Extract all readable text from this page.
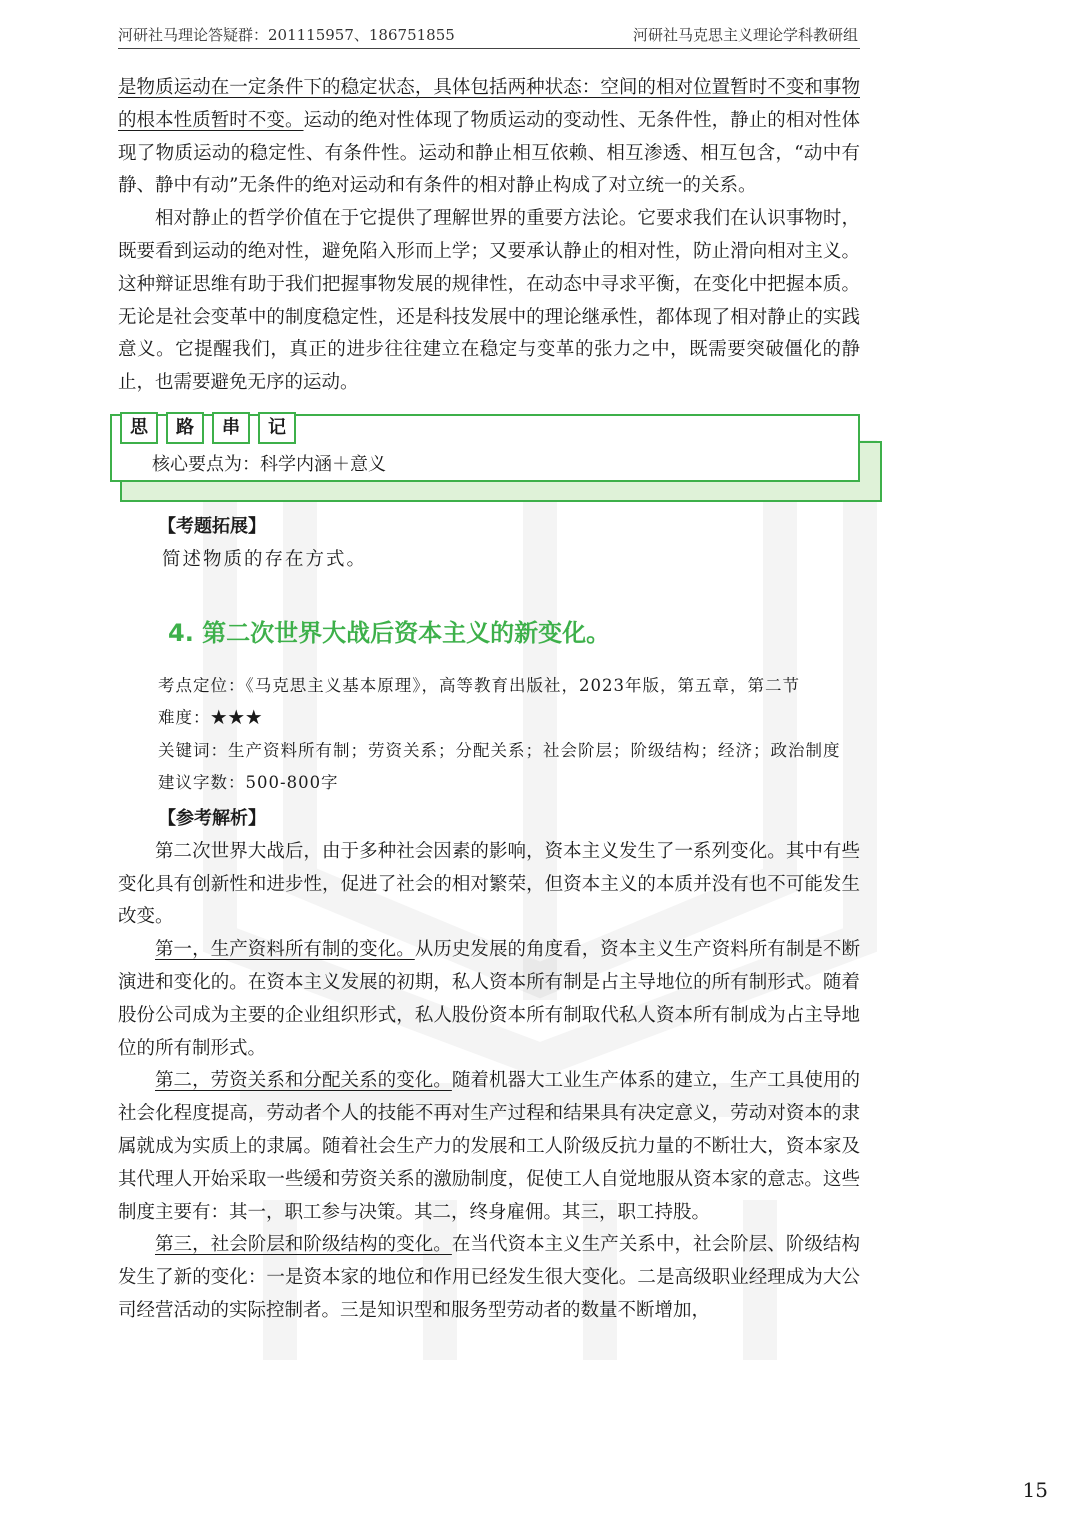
河研社马理论答疑群：201115957、186751855	河研社马克思主义理论学科教研组

是物质运动在一定条件下的稳定状态，具体包括两种状态：空间的相对位置暂时不变和事物的根本性质暂时不变。运动的绝对性体现了物质运动的变动性、无条件性，静止的相对性体现了物质运动的稳定性、有条件性。运动和静止相互依赖、相互渗透、相互包含，“动中有静、静中有动”无条件的绝对运动和有条件的相对静止构成了对立统一的关系。

相对静止的哲学价值在于它提供了理解世界的重要方法论。它要求我们在认识事物时，既要看到运动的绝对性，避免陷入形而上学；又要承认静止的相对性，防止滑向相对主义。这种辩证思维有助于我们把握事物发展的规律性，在动态中寻求平衡，在变化中把握本质。无论是社会变革中的制度稳定性，还是科技发展中的理论继承性，都体现了相对静止的实践意义。它提醒我们，真正的进步往往建立在稳定与变革的张力之中，既需要突破僵化的静止，也需要避免无序的运动。

思	路	串	记
核心要点为：科学内涵＋意义

【考题拓展】

简述物质的存在方式。

4. 第二次世界大战后资本主义的新变化。

考点定位：《马克思主义基本原理》，高等教育出版社，2023年版，第五章，第二节

难度：★★★

关键词：生产资料所有制；劳资关系；分配关系；社会阶层；阶级结构；经济；政治制度

建议字数：500-800字

【参考解析】

第二次世界大战后，由于多种社会因素的影响，资本主义发生了一系列变化。其中有些变化具有创新性和进步性，促进了社会的相对繁荣，但资本主义的本质并没有也不可能发生改变。

第一，生产资料所有制的变化。从历史发展的角度看，资本主义生产资料所有制是不断演进和变化的。在资本主义发展的初期，私人资本所有制是占主导地位的所有制形式。随着股份公司成为主要的企业组织形式，私人股份资本所有制取代私人资本所有制成为占主导地位的所有制形式。

第二，劳资关系和分配关系的变化。随着机器大工业生产体系的建立，生产工具使用的社会化程度提高，劳动者个人的技能不再对生产过程和结果具有决定意义，劳动对资本的隶属就成为实质上的隶属。随着社会生产力的发展和工人阶级反抗力量的不断壮大，资本家及其代理人开始采取一些缓和劳资关系的激励制度，促使工人自觉地服从资本家的意志。这些制度主要有：其一，职工参与决策。其二，终身雇佣。其三，职工持股。

第三，社会阶层和阶级结构的变化。在当代资本主义生产关系中，社会阶层、阶级结构发生了新的变化：一是资本家的地位和作用已经发生很大变化。二是高级职业经理成为大公司经营活动的实际控制者。三是知识型和服务型劳动者的数量不断增加，

15
